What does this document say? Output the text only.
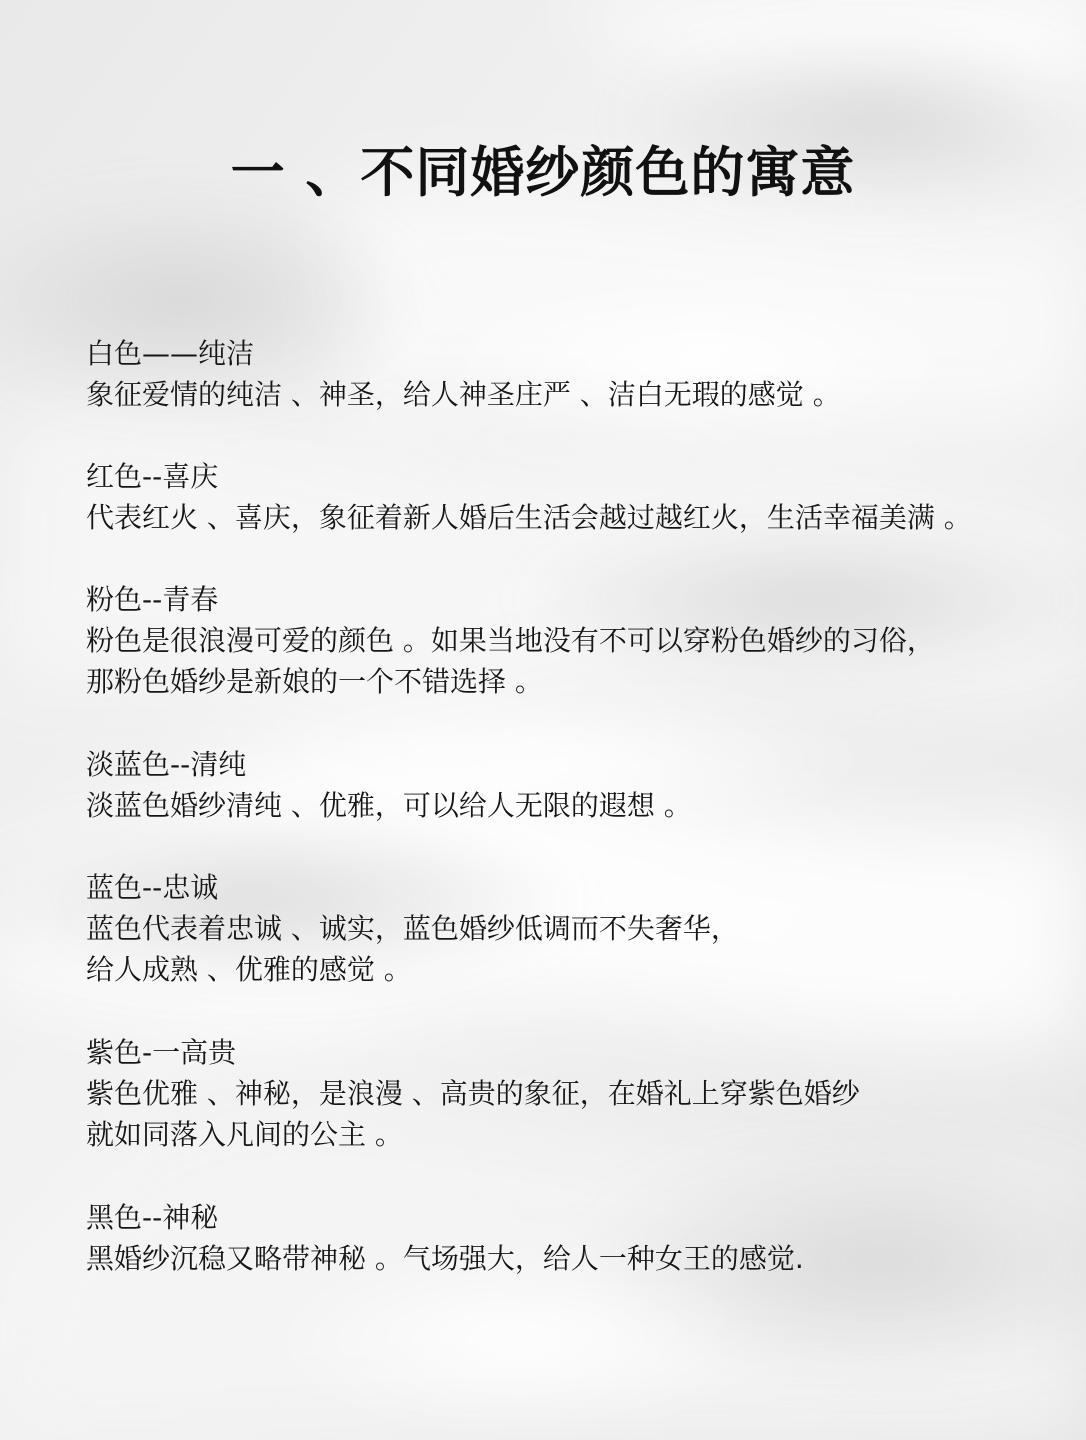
一 、不同婚纱颜色的寓意
白色——纯洁
象征爱情的纯洁 、神圣，给人神圣庄严 、洁白无瑕的感觉 。
红色--喜庆
代表红火 、喜庆，象征着新人婚后生活会越过越红火，生活幸福美满 。
粉色--青春
粉色是很浪漫可爱的颜色 。如果当地没有不可以穿粉色婚纱的习俗，
那粉色婚纱是新娘的一个不错选择 。
淡蓝色--清纯
淡蓝色婚纱清纯 、优雅，可以给人无限的遐想 。
蓝色--忠诚
蓝色代表着忠诚 、诚实，蓝色婚纱低调而不失奢华，
给人成熟 、优雅的感觉 。
紫色-一高贵
紫色优雅 、神秘，是浪漫 、高贵的象征，在婚礼上穿紫色婚纱
就如同落入凡间的公主 。
黑色--神秘
黑婚纱沉稳又略带神秘 。气场强大，给人一种女王的感觉.
